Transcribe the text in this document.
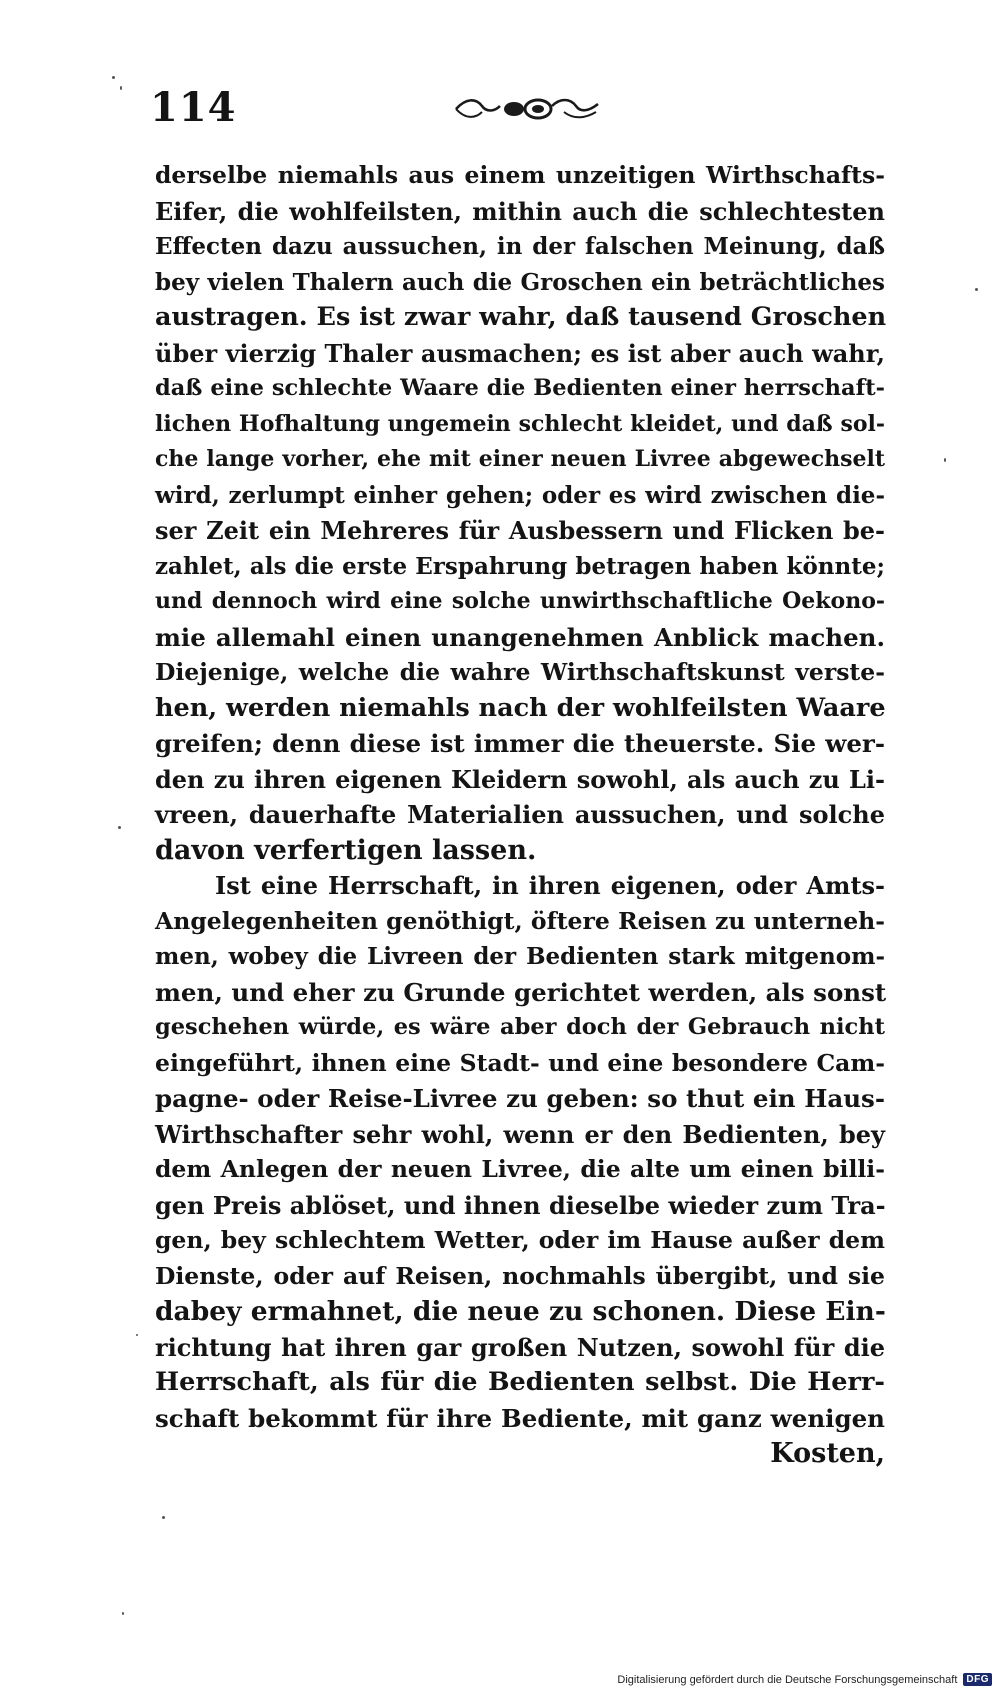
114
derselbe niemahls aus einem unzeitigen Wirthschafts-
Eifer, die wohlfeilsten, mithin auch die schlechtesten
Effecten dazu aussuchen, in der falschen Meinung, daß
bey vielen Thalern auch die Groschen ein beträchtliches
austragen. Es ist zwar wahr, daß tausend Groschen
über vierzig Thaler ausmachen; es ist aber auch wahr,
daß eine schlechte Waare die Bedienten einer herrschaft-
lichen Hofhaltung ungemein schlecht kleidet, und daß sol-
che lange vorher, ehe mit einer neuen Livree abgewechselt
wird, zerlumpt einher gehen; oder es wird zwischen die-
ser Zeit ein Mehreres für Ausbessern und Flicken be-
zahlet, als die erste Erspahrung betragen haben könnte;
und dennoch wird eine solche unwirthschaftliche Oekono-
mie allemahl einen unangenehmen Anblick machen.
Diejenige, welche die wahre Wirthschaftskunst verste-
hen, werden niemahls nach der wohlfeilsten Waare
greifen; denn diese ist immer die theuerste. Sie wer-
den zu ihren eigenen Kleidern sowohl, als auch zu Li-
vreen, dauerhafte Materialien aussuchen, und solche
davon verfertigen lassen.
Ist eine Herrschaft, in ihren eigenen, oder Amts-
Angelegenheiten genöthigt, öftere Reisen zu unterneh-
men, wobey die Livreen der Bedienten stark mitgenom-
men, und eher zu Grunde gerichtet werden, als sonst
geschehen würde, es wäre aber doch der Gebrauch nicht
eingeführt, ihnen eine Stadt- und eine besondere Cam-
pagne- oder Reise-Livree zu geben: so thut ein Haus-
Wirthschafter sehr wohl, wenn er den Bedienten, bey
dem Anlegen der neuen Livree, die alte um einen billi-
gen Preis ablöset, und ihnen dieselbe wieder zum Tra-
gen, bey schlechtem Wetter, oder im Hause außer dem
Dienste, oder auf Reisen, nochmahls übergibt, und sie
dabey ermahnet, die neue zu schonen. Diese Ein-
richtung hat ihren gar großen Nutzen, sowohl für die
Herrschaft, als für die Bedienten selbst. Die Herr-
schaft bekommt für ihre Bediente, mit ganz wenigen
Kosten,
Digitalisierung gefördert durch die Deutsche Forschungsgemeinschaft DFG
